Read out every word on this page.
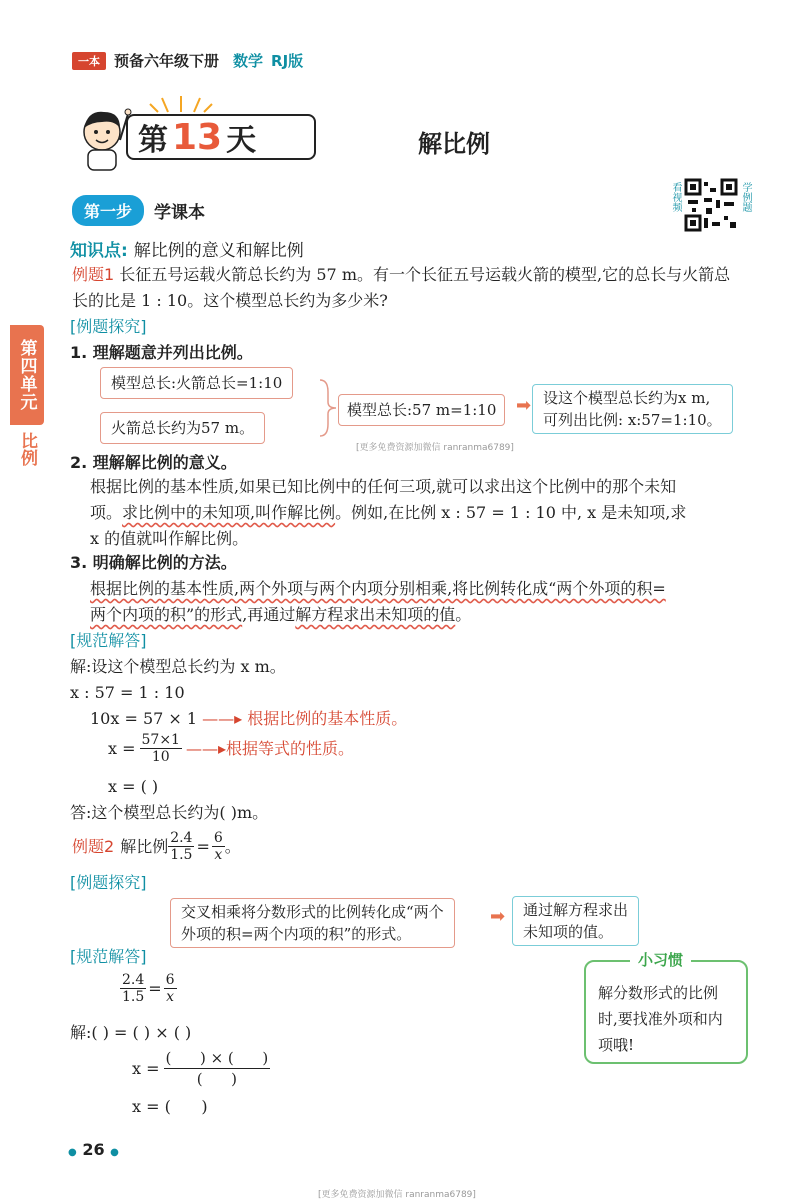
一本 预备六年级下册 数学 RJ版
第 13 天	解比例
第一步	学课本
看视频	学例题
第四单元
比例
知识点: 解比例的意义和解比例
例题1 长征五号运载火箭总长约为 57 m。有一个长征五号运载火箭的模型,它的总长与火箭总
长的比是 1 : 10。这个模型总长约为多少米?
[例题探究]
1. 理解题意并列出比例。
模型总长:火箭总长=1:10
火箭总长约为57 m。
模型总长:57 m=1:10	➡ 设这个模型总长约为x m,
可列出比例: x:57=1:10。
[更多免费资源加微信 ranranma6789]
2. 理解解比例的意义。
根据比例的基本性质,如果已知比例中的任何三项,就可以求出这个比例中的那个未知
项。求比例中的未知项,叫作解比例。例如,在比例 x : 57 = 1 : 10 中, x 是未知项,求
x 的值就叫作解比例。
3. 明确解比例的方法。
根据比例的基本性质,两个外项与两个内项分别相乘,将比例转化成“两个外项的积=
两个内项的积”的形式,再通过解方程求出未知项的值。
[规范解答]
解:设这个模型总长约为 x m。
x : 57 = 1 : 10
10x = 57 × 1 ——▸ 根据比例的基本性质。
$x = \frac{57\times 1}{10}$ ——▸ 根据等式的性质。
x = ( )
答:这个模型总长约为( )m。
例题2 解比例 $\frac{2.4}{1.5} = \frac{6}{x}$ 。
[例题探究]
交叉相乘将分数形式的比例转化成“两个
外项的积=两个内项的积”的形式。
➡ 通过解方程求出
未知项的值。
[规范解答]
$\frac{2.4}{1.5} = \frac{6}{x}$
解:( ) = ( ) × ( )
$x = \frac{( ) \times ( )}{( )}$
x = (      )
小习惯
解分数形式的比例
时,要找准外项和内
项哦!
● 26 ●
[更多免费资源加微信 ranranma6789]
